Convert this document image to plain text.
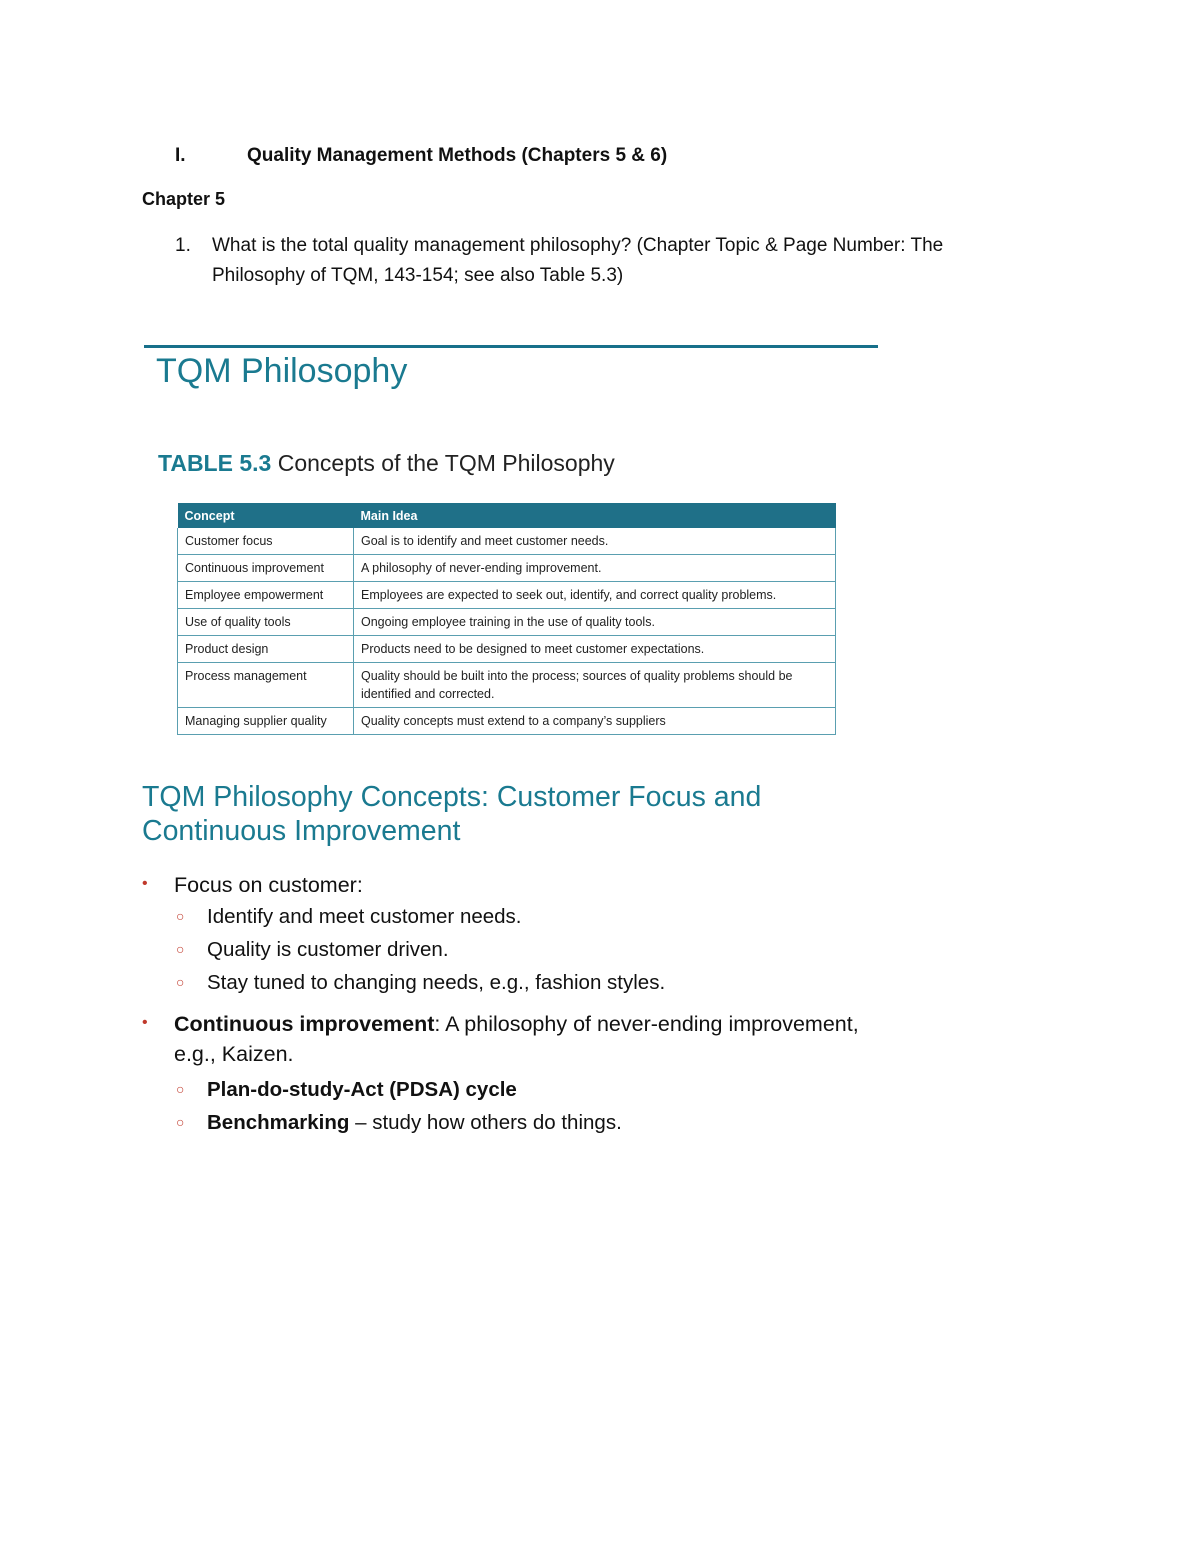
I.	Quality Management Methods (Chapters 5 & 6)
Chapter 5
1. What is the total quality management philosophy? (Chapter Topic & Page Number: The Philosophy of TQM, 143-154; see also Table 5.3)
TQM Philosophy
TABLE 5.3 Concepts of the TQM Philosophy
Concept	Main Idea
Customer focus	Goal is to identify and meet customer needs.
Continuous improvement	A philosophy of never-ending improvement.
Employee empowerment	Employees are expected to seek out, identify, and correct quality problems.
Use of quality tools	Ongoing employee training in the use of quality tools.
Product design	Products need to be designed to meet customer expectations.
Process management	Quality should be built into the process; sources of quality problems should be identified and corrected.
Managing supplier quality	Quality concepts must extend to a company’s suppliers
TQM Philosophy Concepts: Customer Focus and Continuous Improvement
• Focus on customer:
○ Identify and meet customer needs.
○ Quality is customer driven.
○ Stay tuned to changing needs, e.g., fashion styles.
• Continuous improvement: A philosophy of never-ending improvement, e.g., Kaizen.
○ Plan-do-study-Act (PDSA) cycle
○ Benchmarking – study how others do things.
